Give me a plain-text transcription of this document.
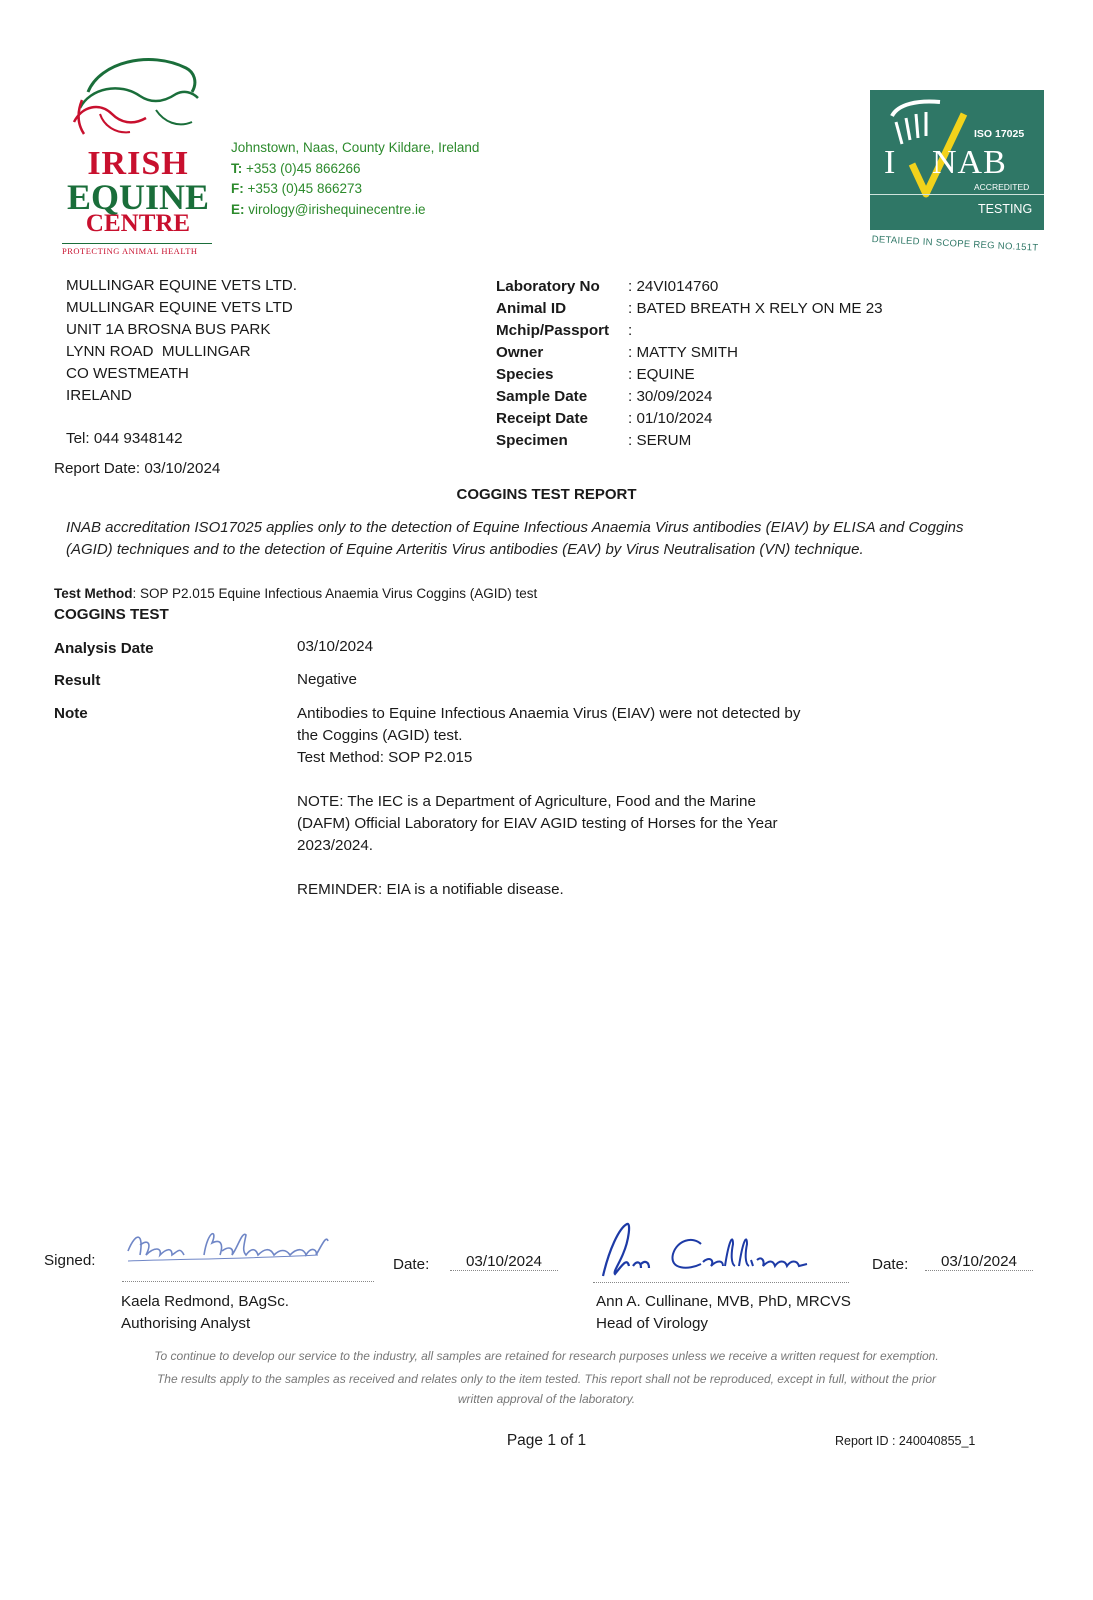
IRISH
EQUINE
CENTRE
PROTECTING ANIMAL HEALTH
Johnstown, Naas, County Kildare, Ireland
T: +353 (0)45 866266
F: +353 (0)45 866273
E: virology@irishequinecentre.ie
I
ISO 17025
NAB
ACCREDITED
TESTING
DETAILED IN SCOPE REG NO.151T
MULLINGAR EQUINE VETS LTD.
MULLINGAR EQUINE VETS LTD
UNIT 1A BROSNA BUS PARK
LYNN ROAD  MULLINGAR
CO WESTMEATH
IRELAND
Tel: 044 9348142
Report Date: 03/10/2024
Laboratory No	: 24VI014760
Animal ID	: BATED BREATH X RELY ON ME 23
Mchip/Passport	:
Owner	: MATTY SMITH
Species	: EQUINE
Sample Date	: 30/09/2024
Receipt Date	: 01/10/2024
Specimen	: SERUM
COGGINS TEST REPORT
INAB accreditation ISO17025 applies only to the detection of Equine Infectious Anaemia Virus antibodies (EIAV) by ELISA and Coggins (AGID) techniques and to the detection of Equine Arteritis Virus antibodies (EAV) by Virus Neutralisation (VN) technique.
Test Method: SOP P2.015 Equine Infectious Anaemia Virus Coggins (AGID) test
COGGINS TEST
Analysis Date	03/10/2024
Result	Negative
Note	Antibodies to Equine Infectious Anaemia Virus (EIAV) were not detected by
the Coggins (AGID) test.
Test Method: SOP P2.015

NOTE: The IEC is a Department of Agriculture, Food and the Marine
(DAFM) Official Laboratory for EIAV AGID testing of Horses for the Year
2023/2024.

REMINDER: EIA is a notifiable disease.

Signed:	Date:	03/10/2024
Kaela Redmond, BAgSc.
Authorising Analyst
Date:	03/10/2024
Ann A. Cullinane, MVB, PhD, MRCVS
Head of Virology
To continue to develop our service to the industry, all samples are retained for research purposes unless we receive a written request for exemption.
The results apply to the samples as received and relates only to the item tested. This report shall not be reproduced, except in full, without the prior
written approval of the laboratory.
Page 1 of 1	Report ID : 240040855_1
